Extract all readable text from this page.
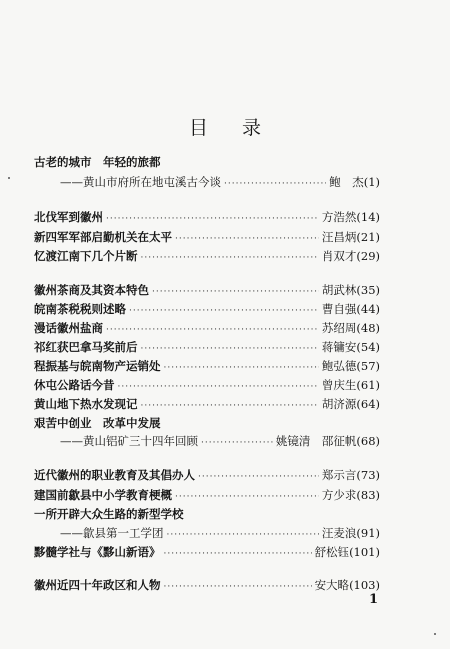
目 录
古老的城市　年轻的旅都
——黄山市府所在地屯溪古今谈 ·····	鲍　杰 (1)
北伐军到徽州 ·····	方浩然 (14)
新四军军部启勤机关在太平 ·····	汪昌炳 (21)
忆渡江南下几个片断 ·····	肖双才 (29)
徽州茶商及其资本特色 ·····	胡武林 (35)
皖南茶税税则述略 ·····	曹自强 (44)
漫话徽州盐商 ·····	苏绍周 (48)
祁红获巴拿马奖前后 ·····	蒋镛安 (54)
程振基与皖南物产运销处 ·····	鲍弘德 (57)
休屯公路话今昔 ·····	曾庆生 (61)
黄山地下热水发现记 ·····	胡济源 (64)
艰苦中创业　改革中发展
——黄山铝矿三十四年回顾 ·····	姚镜清　邵征帆 (68)
近代徽州的职业教育及其倡办人 ·····	郑示言 (73)
建国前歙县中小学教育梗概 ·····	方少求 (83)
一所开辟大众生路的新型学校
——歙县第一工学团 ·····	汪麦浪 (91)
黟髓学社与《黟山新语》 ·····	舒松钰 (101)
徽州近四十年政区和人物 ·····	安大略 (103)
1
